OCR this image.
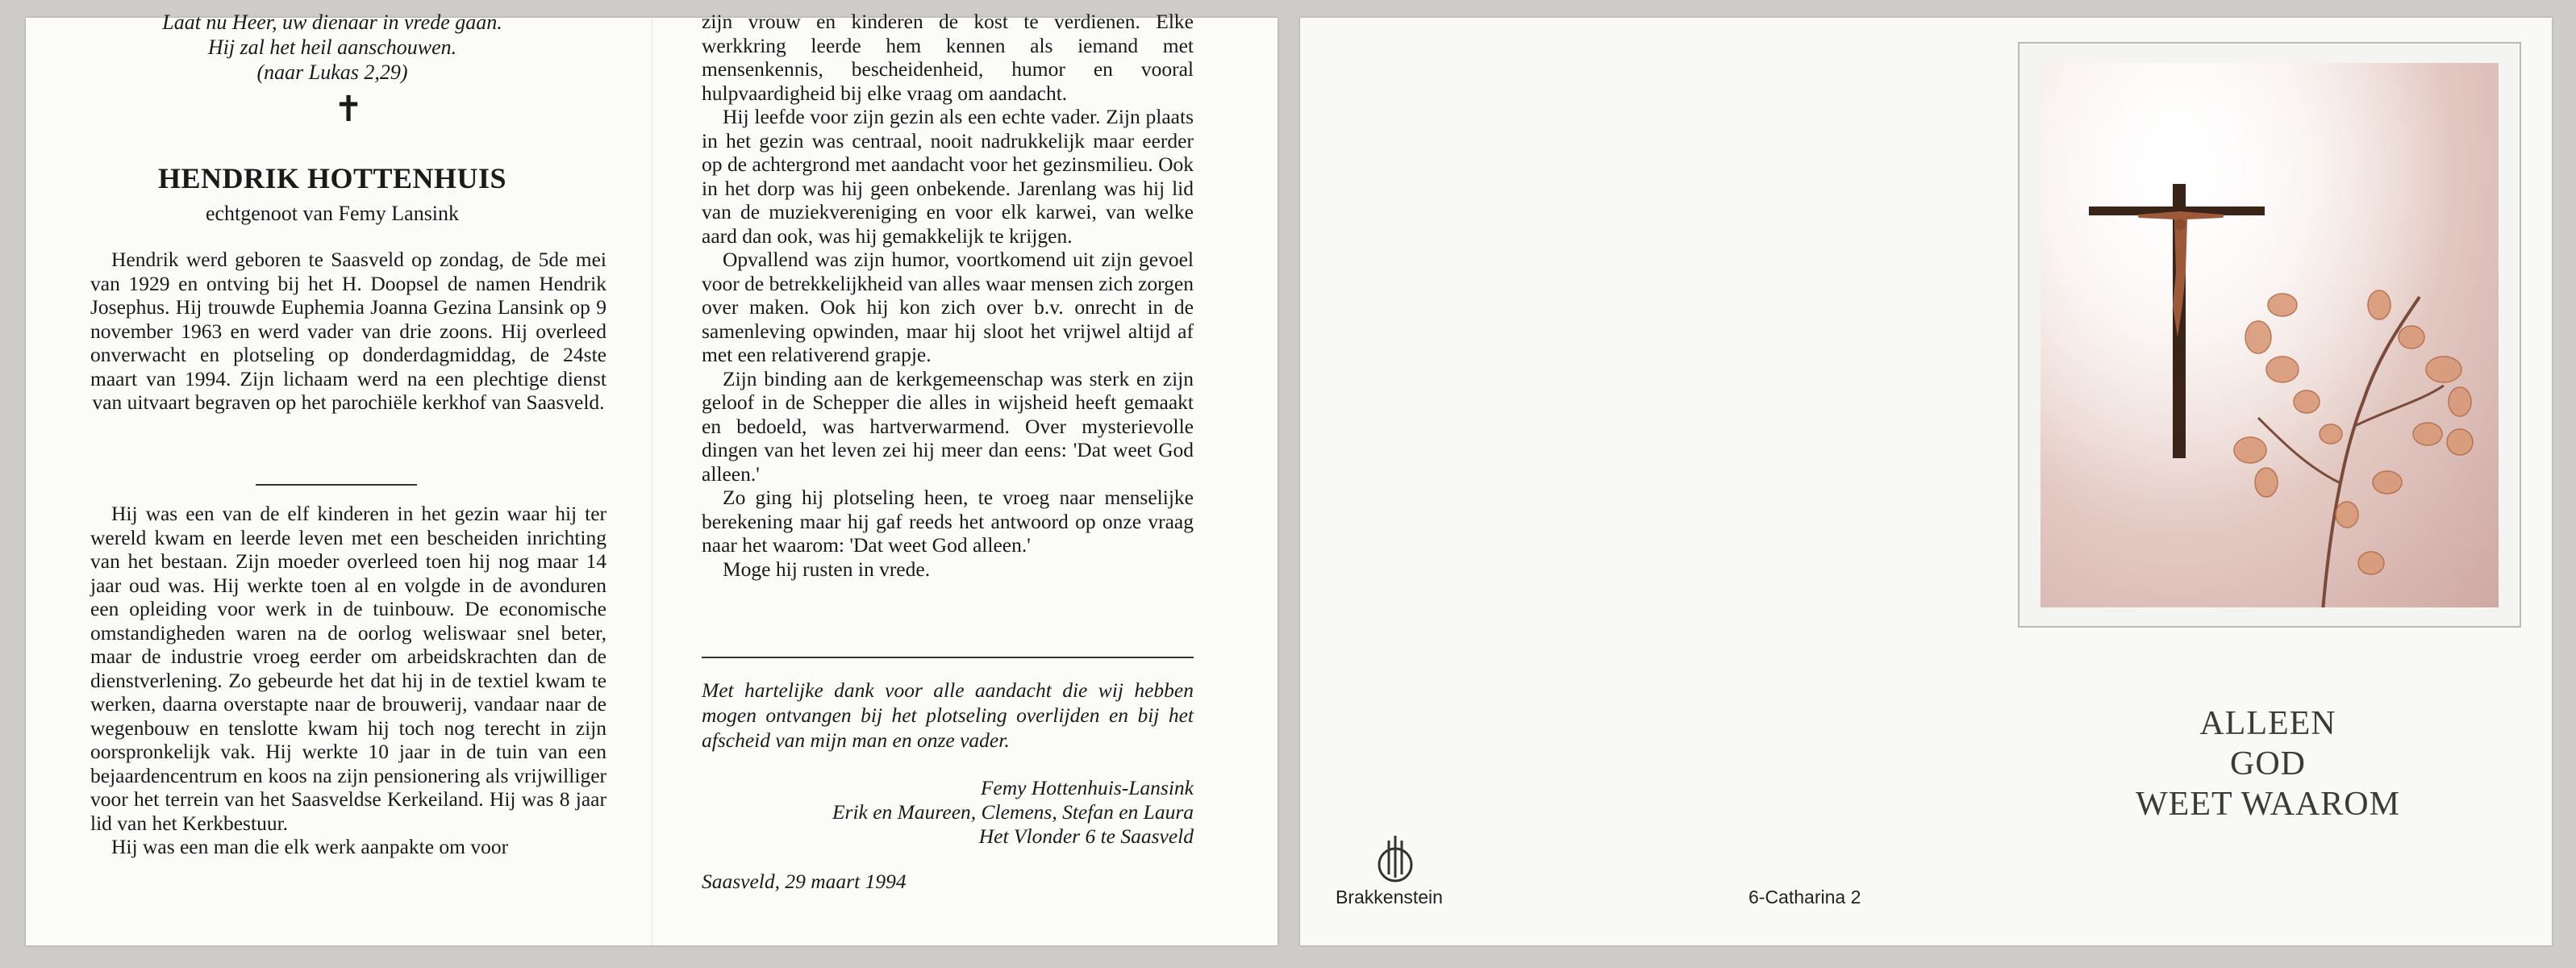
Laat nu Heer, uw dienaar in vrede gaan.
Hij zal het heil aanschouwen.
(naar Lukas 2,29)
✝
HENDRIK HOTTENHUIS
echtgenoot van Femy Lansink

Hendrik werd geboren te Saasveld op zondag, de 5de mei van 1929 en ontving bij het H. Doopsel de namen Hendrik Josephus. Hij trouwde Euphemia Joanna Gezina Lansink op 9 november 1963 en werd vader van drie zoons. Hij overleed onverwacht en plotseling op donderdagmiddag, de 24ste maart van 1994. Zijn lichaam werd na een plechtige dienst van uitvaart begraven op het parochiële kerkhof van Saasveld.

Hij was een van de elf kinderen in het gezin waar hij ter wereld kwam en leerde leven met een bescheiden inrichting van het bestaan. Zijn moeder overleed toen hij nog maar 14 jaar oud was. Hij werkte toen al en volgde in de avonduren een opleiding voor werk in de tuinbouw. De economische omstandigheden waren na de oorlog weliswaar snel beter, maar de industrie vroeg eerder om arbeidskrachten dan de dienstverlening. Zo gebeurde het dat hij in de textiel kwam te werken, daarna overstapte naar de brouwerij, vandaar naar de wegenbouw en tenslotte kwam hij toch nog terecht in zijn oorspronkelijk vak. Hij werkte 10 jaar in de tuin van een bejaardencentrum en koos na zijn pensionering als vrijwilliger voor het terrein van het Saasveldse Kerkeiland. Hij was 8 jaar lid van het Kerkbestuur.

Hij was een man die elk werk aanpakte om voor

zijn vrouw en kinderen de kost te verdienen. Elke werkkring leerde hem kennen als iemand met mensenkennis, bescheidenheid, humor en vooral hulpvaardigheid bij elke vraag om aandacht.

Hij leefde voor zijn gezin als een echte vader. Zijn plaats in het gezin was centraal, nooit nadrukkelijk maar eerder op de achtergrond met aandacht voor het gezinsmilieu. Ook in het dorp was hij geen onbekende. Jarenlang was hij lid van de muziekvereniging en voor elk karwei, van welke aard dan ook, was hij gemakkelijk te krijgen.

Opvallend was zijn humor, voortkomend uit zijn gevoel voor de betrekkelijkheid van alles waar mensen zich zorgen over maken. Ook hij kon zich over b.v. onrecht in de samenleving opwinden, maar hij sloot het vrijwel altijd af met een relativerend grapje.

Zijn binding aan de kerkgemeenschap was sterk en zijn geloof in de Schepper die alles in wijsheid heeft gemaakt en bedoeld, was hartverwarmend. Over mysterievolle dingen van het leven zei hij meer dan eens: 'Dat weet God alleen.'

Zo ging hij plotseling heen, te vroeg naar menselijke berekening maar hij gaf reeds het antwoord op onze vraag naar het waarom: 'Dat weet God alleen.'

Moge hij rusten in vrede.

Met hartelijke dank voor alle aandacht die wij hebben mogen ontvangen bij het plotseling overlijden en bij het afscheid van mijn man en onze vader.
Femy Hottenhuis-Lansink
Erik en Maureen, Clemens, Stefan en Laura
Het Vlonder 6 te Saasveld
Saasveld, 29 maart 1994
Brakkenstein	6-Catharina 2
ALLEEN
GOD
WEET WAAROM
